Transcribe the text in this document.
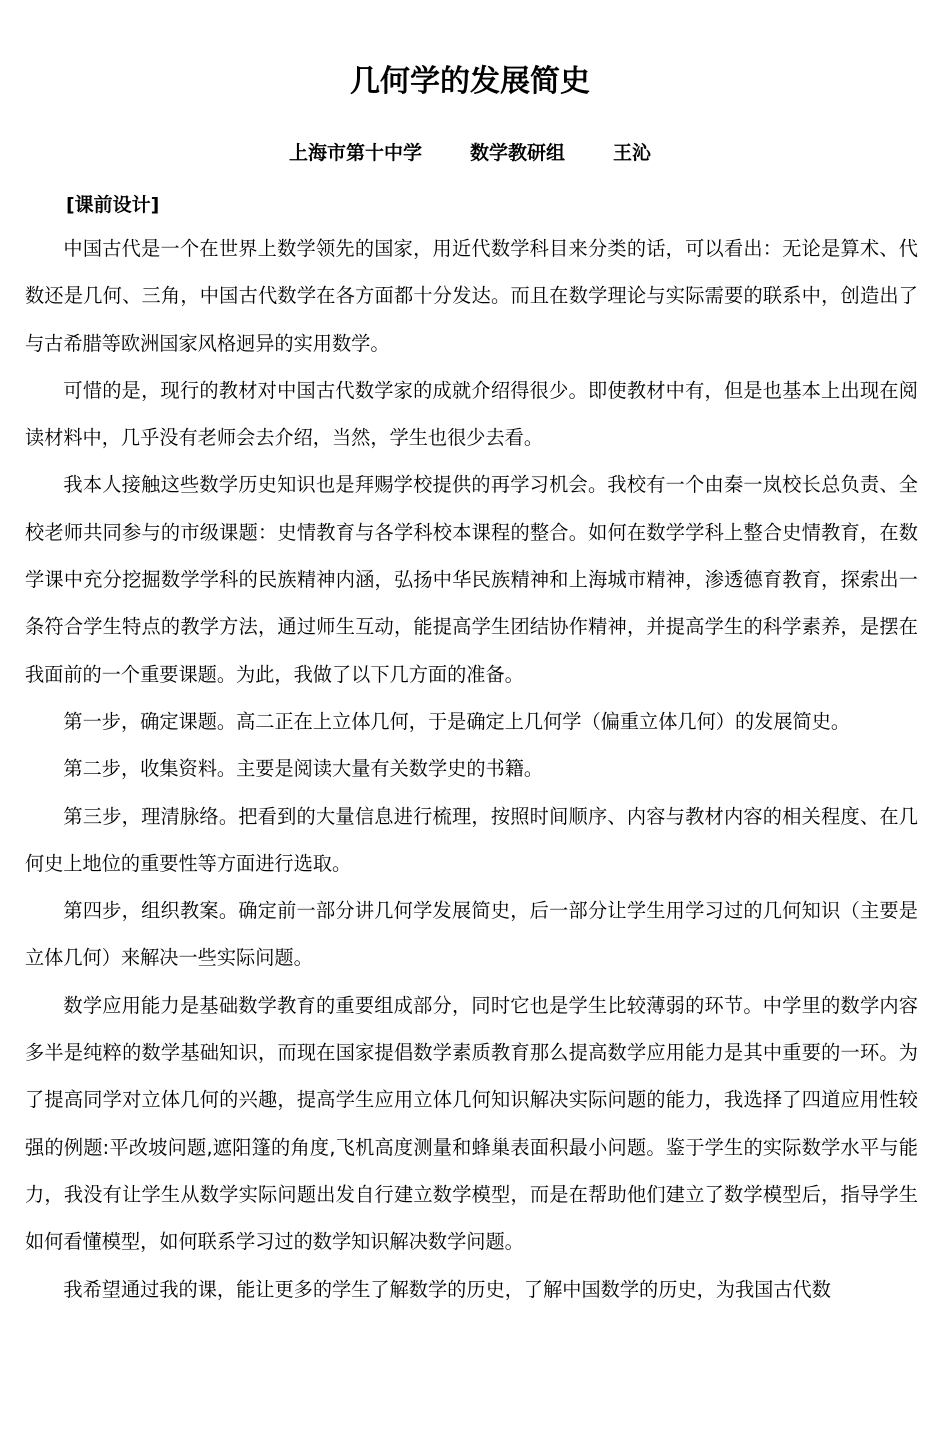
几何学的发展简史
上海市第十中学	数学教研组	王沁
[课前设计]

中国古代是一个在世界上数学领先的国家，用近代数学科目来分类的话，可以看出：无论是算术、代数还是几何、三角，中国古代数学在各方面都十分发达。而且在数学理论与实际需要的联系中，创造出了与古希腊等欧洲国家风格迥异的实用数学。

可惜的是，现行的教材对中国古代数学家的成就介绍得很少。即使教材中有，但是也基本上出现在阅读材料中，几乎没有老师会去介绍，当然，学生也很少去看。

我本人接触这些数学历史知识也是拜赐学校提供的再学习机会。我校有一个由秦一岚校长总负责、全校老师共同参与的市级课题：史情教育与各学科校本课程的整合。如何在数学学科上整合史情教育，在数学课中充分挖掘数学学科的民族精神内涵，弘扬中华民族精神和上海城市精神，渗透德育教育，探索出一条符合学生特点的教学方法，通过师生互动，能提高学生团结协作精神，并提高学生的科学素养，是摆在我面前的一个重要课题。为此，我做了以下几方面的准备。

第一步，确定课题。高二正在上立体几何，于是确定上几何学（偏重立体几何）的发展简史。

第二步，收集资料。主要是阅读大量有关数学史的书籍。

第三步，理清脉络。把看到的大量信息进行梳理，按照时间顺序、内容与教材内容的相关程度、在几何史上地位的重要性等方面进行选取。

第四步，组织教案。确定前一部分讲几何学发展简史，后一部分让学生用学习过的几何知识（主要是立体几何）来解决一些实际问题。

数学应用能力是基础数学教育的重要组成部分，同时它也是学生比较薄弱的环节。中学里的数学内容多半是纯粹的数学基础知识，而现在国家提倡数学素质教育那么提高数学应用能力是其中重要的一环。为了提高同学对立体几何的兴趣，提高学生应用立体几何知识解决实际问题的能力，我选择了四道应用性较强的例题:平改坡问题,遮阳篷的角度,飞机高度测量和蜂巢表面积最小问题。鉴于学生的实际数学水平与能力，我没有让学生从数学实际问题出发自行建立数学模型，而是在帮助他们建立了数学模型后，指导学生如何看懂模型，如何联系学习过的数学知识解决数学问题。

我希望通过我的课，能让更多的学生了解数学的历史，了解中国数学的历史，为我国古代数
